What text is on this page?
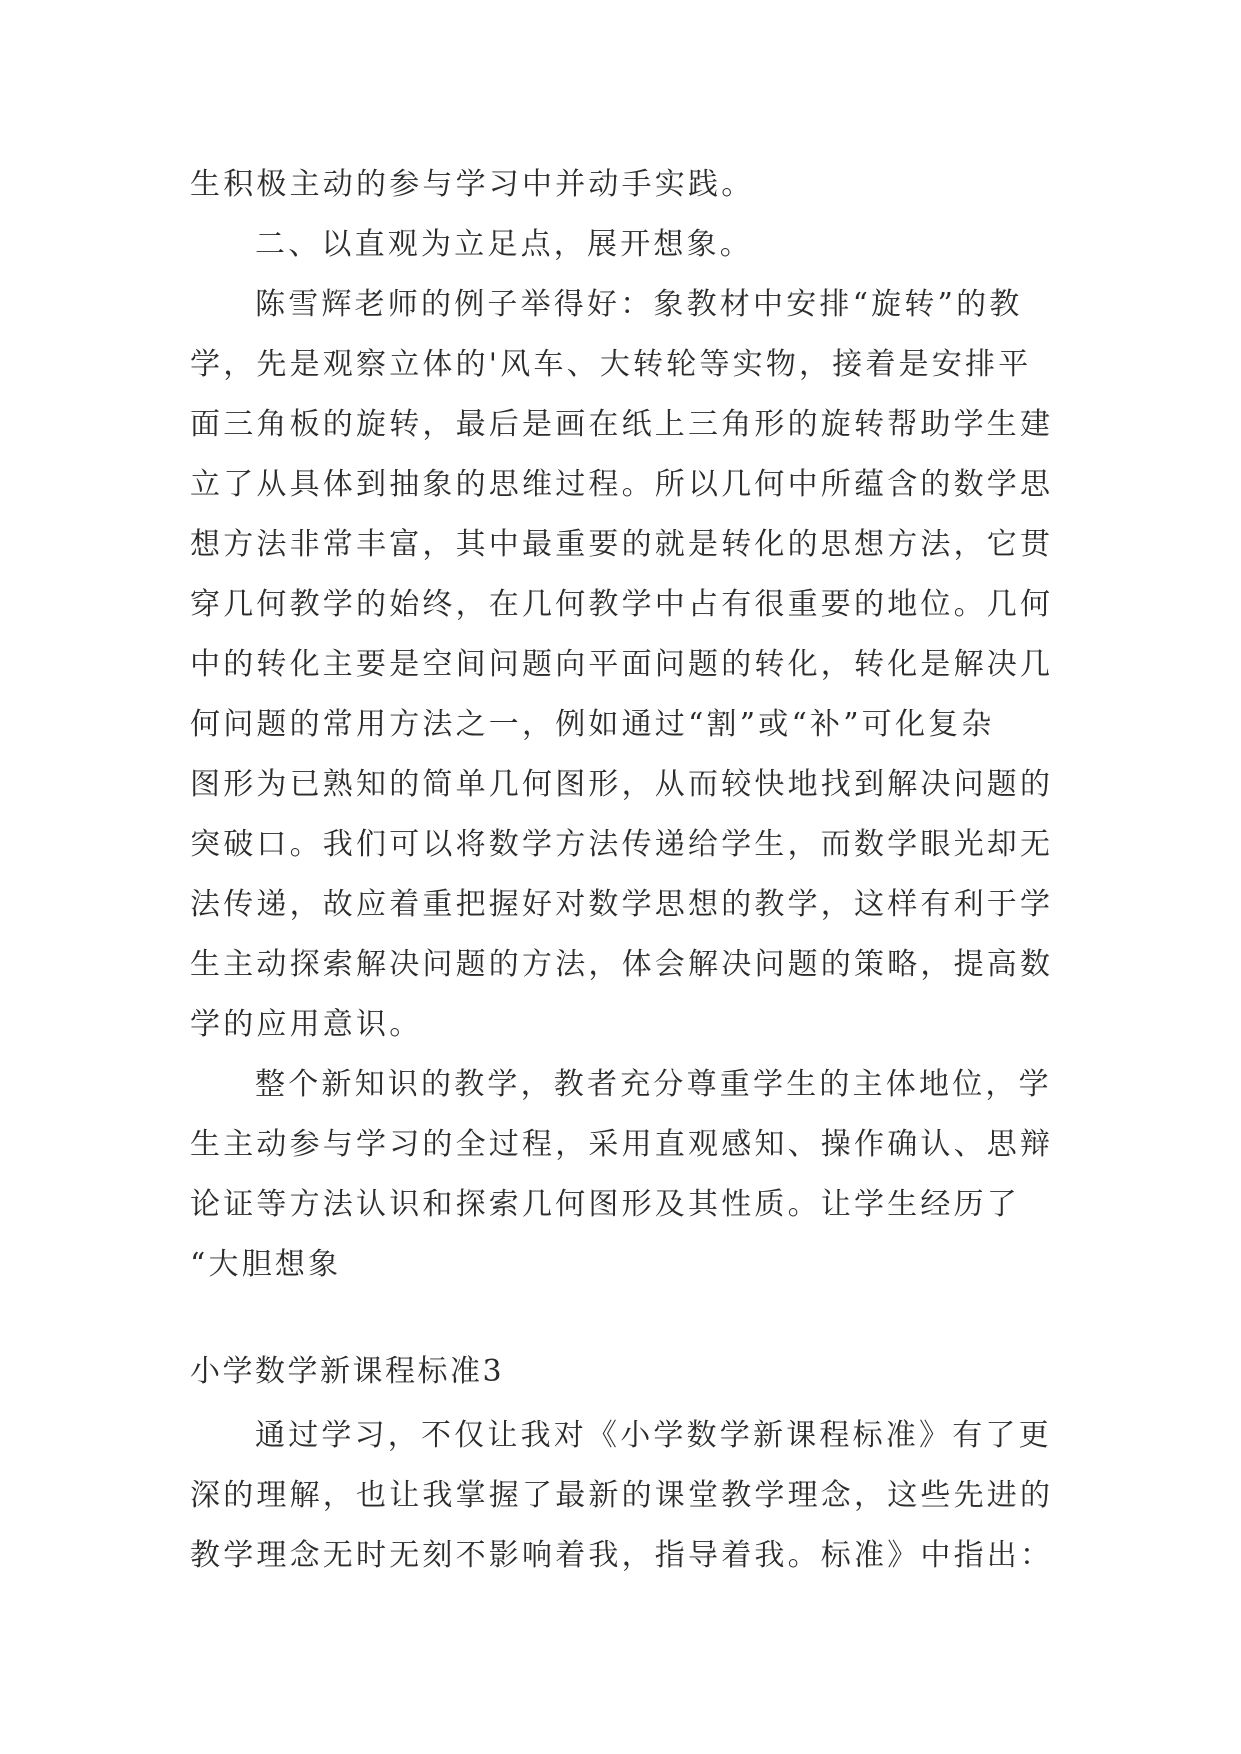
生积极主动的参与学习中并动手实践。
二、以直观为立足点，展开想象。
陈雪辉老师的例子举得好：象教材中安排“旋转”的教
学，先是观察立体的'风车、大转轮等实物，接着是安排平
面三角板的旋转，最后是画在纸上三角形的旋转帮助学生建
立了从具体到抽象的思维过程。所以几何中所蕴含的数学思
想方法非常丰富，其中最重要的就是转化的思想方法，它贯
穿几何教学的始终，在几何教学中占有很重要的地位。几何
中的转化主要是空间问题向平面问题的转化，转化是解决几
何问题的常用方法之一，例如通过“割”或“补”可化复杂
图形为已熟知的简单几何图形，从而较快地找到解决问题的
突破口。我们可以将数学方法传递给学生，而数学眼光却无
法传递，故应着重把握好对数学思想的教学，这样有利于学
生主动探索解决问题的方法，体会解决问题的策略，提高数
学的应用意识。
整个新知识的教学，教者充分尊重学生的主体地位，学
生主动参与学习的全过程，采用直观感知、操作确认、思辩
论证等方法认识和探索几何图形及其性质。让学生经历了
“大胆想象
小学数学新课程标准3
通过学习，不仅让我对《小学数学新课程标准》有了更
深的理解，也让我掌握了最新的课堂教学理念，这些先进的
教学理念无时无刻不影响着我，指导着我。标准》中指出：
